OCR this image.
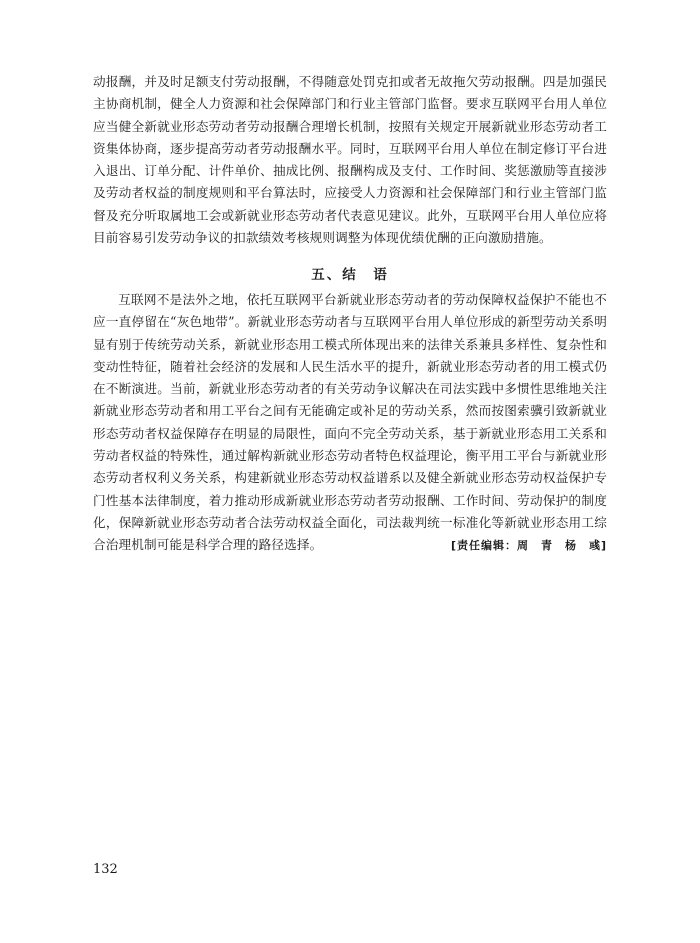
动报酬，并及时足额支付劳动报酬，不得随意处罚克扣或者无故拖欠劳动报酬。四是加强民主协商机制，健全人力资源和社会保障部门和行业主管部门监督。要求互联网平台用人单位应当健全新就业形态劳动者劳动报酬合理增长机制，按照有关规定开展新就业形态劳动者工资集体协商，逐步提高劳动者劳动报酬水平。同时，互联网平台用人单位在制定修订平台进入退出、订单分配、计件单价、抽成比例、报酬构成及支付、工作时间、奖惩激励等直接涉及劳动者权益的制度规则和平台算法时，应接受人力资源和社会保障部门和行业主管部门监督及充分听取属地工会或新就业形态劳动者代表意见建议。此外，互联网平台用人单位应将目前容易引发劳动争议的扣款绩效考核规则调整为体现优绩优酬的正向激励措施。

五、结　语

互联网不是法外之地，依托互联网平台新就业形态劳动者的劳动保障权益保护不能也不应一直停留在“灰色地带”。新就业形态劳动者与互联网平台用人单位形成的新型劳动关系明显有别于传统劳动关系，新就业形态用工模式所体现出来的法律关系兼具多样性、复杂性和变动性特征，随着社会经济的发展和人民生活水平的提升，新就业形态劳动者的用工模式仍在不断演进。当前，新就业形态劳动者的有关劳动争议解决在司法实践中多惯性思维地关注新就业形态劳动者和用工平台之间有无能确定或补足的劳动关系，然而按图索骥引致新就业形态劳动者权益保障存在明显的局限性，面向不完全劳动关系，基于新就业形态用工关系和劳动者权益的特殊性，通过解构新就业形态劳动者特色权益理论，衡平用工平台与新就业形态劳动者权利义务关系，构建新就业形态劳动权益谱系以及健全新就业形态劳动权益保护专门性基本法律制度，着力推动形成新就业形态劳动者劳动报酬、工作时间、劳动保护的制度化，保障新就业形态劳动者合法劳动权益全面化，司法裁判统一标准化等新就业形态用工综合治理机制可能是科学合理的路径选择。	[责任编辑：周　青　杨　彧]

132
